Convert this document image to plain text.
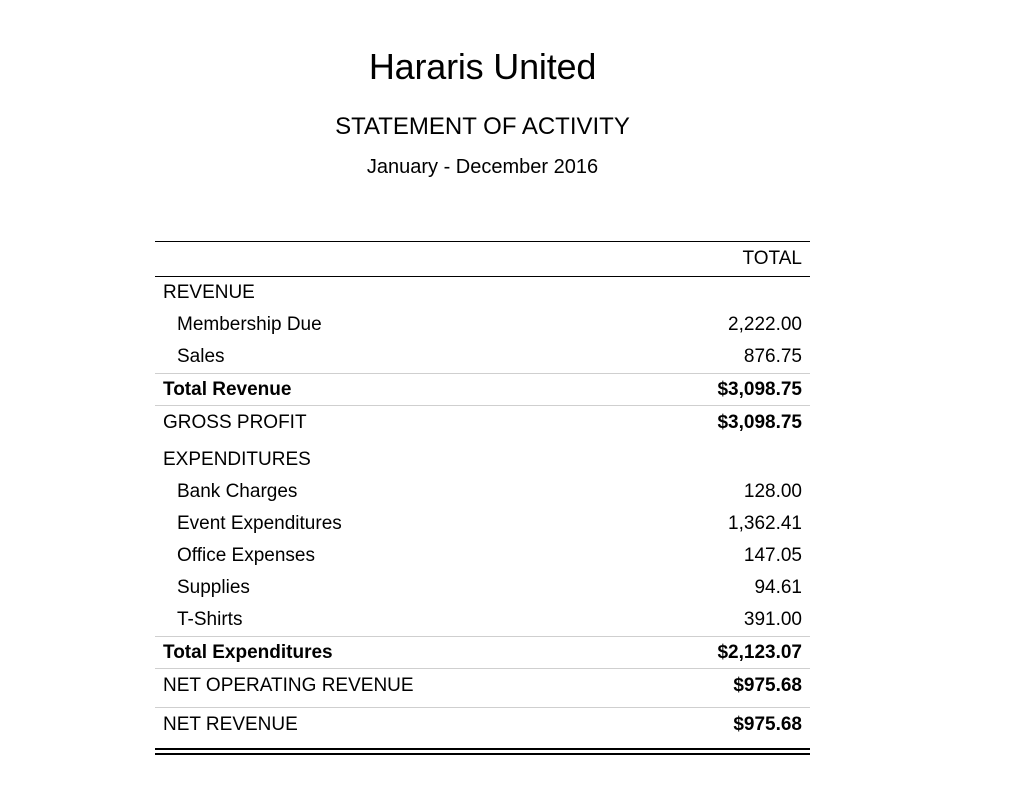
Hararis United
STATEMENT OF ACTIVITY
January - December 2016
TOTAL
REVENUE
Membership Due	2,222.00
Sales	876.75
Total Revenue	$3,098.75
GROSS PROFIT	$3,098.75
EXPENDITURES
Bank Charges	128.00
Event Expenditures	1,362.41
Office Expenses	147.05
Supplies	94.61
T-Shirts	391.00
Total Expenditures	$2,123.07
NET OPERATING REVENUE	$975.68
NET REVENUE	$975.68
